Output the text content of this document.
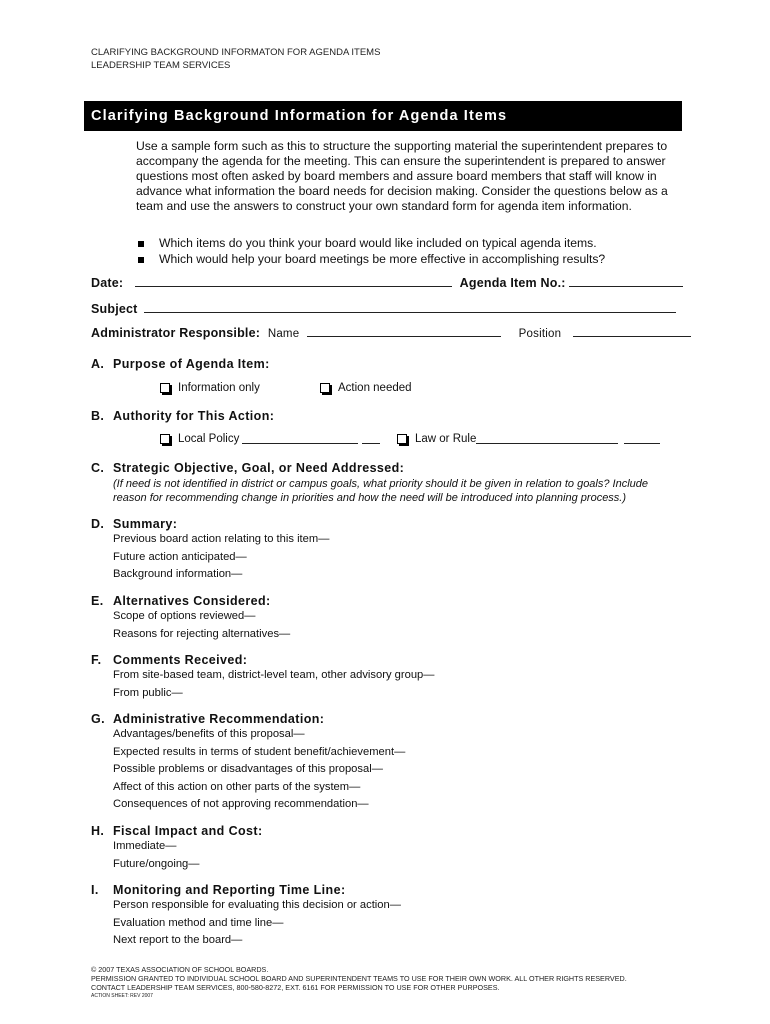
CLARIFYING BACKGROUND INFORMATON FOR AGENDA ITEMS
LEADERSHIP TEAM SERVICES
Clarifying Background Information for Agenda Items

Use a sample form such as this to structure the supporting material the superintendent prepares to accompany the agenda for the meeting. This can ensure the superintendent is prepared to answer questions most often asked by board members and assure board members that staff will know in advance what information the board needs for decision making. Consider the questions below as a team and use the answers to construct your own standard form for agenda item information.

Which items do you think your board would like included on typical agenda items.
Which would help your board meetings be more effective in accomplishing results?
Date:	Agenda Item No.:
Subject
Administrator Responsible: Name	Position
A. Purpose of Agenda Item:
Information only	Action needed
B. Authority for This Action:
Local Policy	Law or Rule
C. Strategic Objective, Goal, or Need Addressed:

(If need is not identified in district or campus goals, what priority should it be given in relation to goals? Include reason for recommending change in priorities and how the need will be introduced into planning process.)

D. Summary:
Previous board action relating to this item—
Future action anticipated—
Background information—
E. Alternatives Considered:
Scope of options reviewed—
Reasons for rejecting alternatives—
F. Comments Received:
From site-based team, district-level team, other advisory group—
From public—
G. Administrative Recommendation:
Advantages/benefits of this proposal—
Expected results in terms of student benefit/achievement—
Possible problems or disadvantages of this proposal—
Affect of this action on other parts of the system—
Consequences of not approving recommendation—
H. Fiscal Impact and Cost:
Immediate—
Future/ongoing—
I. Monitoring and Reporting Time Line:
Person responsible for evaluating this decision or action—
Evaluation method and time line—
Next report to the board—
© 2007 TEXAS ASSOCIATION OF SCHOOL BOARDS.
PERMISSION GRANTED TO INDIVIDUAL SCHOOL BOARD AND SUPERINTENDENT TEAMS TO USE FOR THEIR OWN WORK. ALL OTHER RIGHTS RESERVED.
CONTACT LEADERSHIP TEAM SERVICES, 800-580-8272, EXT. 6161 FOR PERMISSION TO USE FOR OTHER PURPOSES.
ACTION SHEET: REV 2007
